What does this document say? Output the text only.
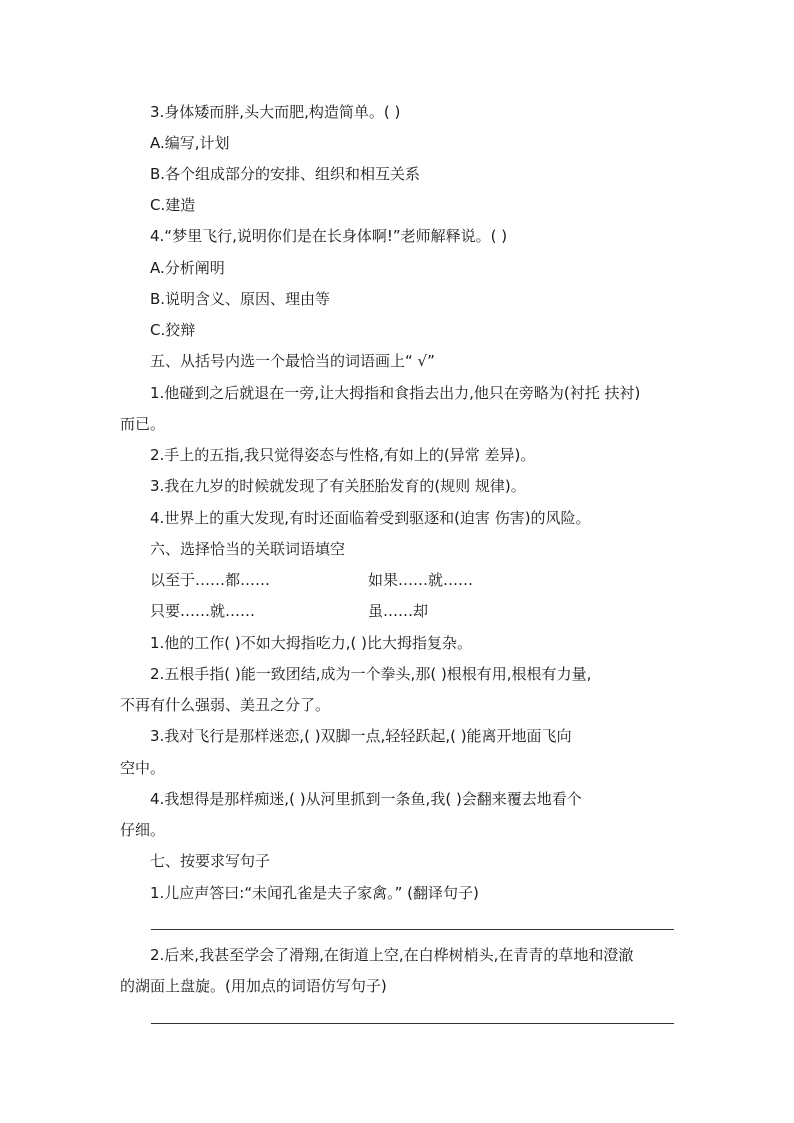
3.身体矮而胖,头大而肥,构造简单。( )
A.编写,计划
B.各个组成部分的安排、组织和相互关系
C.建造
4.“梦里飞行,说明你们是在长身体啊!”老师解释说。( )
A.分析阐明
B.说明含义、原因、理由等
C.狡辩
五、从括号内选一个最恰当的词语画上“ √”
1.他碰到之后就退在一旁,让大拇指和食指去出力,他只在旁略为(衬托 扶衬)
而已。
2.手上的五指,我只觉得姿态与性格,有如上的(异常 差异)。
3.我在九岁的时候就发现了有关胚胎发育的(规则 规律)。
4.世界上的重大发现,有时还面临着受到驱逐和(迫害 伤害)的风险。
六、选择恰当的关联词语填空
以至于……都……	如果……就……
只要……就……	虽……却
1.他的工作( )不如大拇指吃力,( )比大拇指复杂。
2.五根手指( )能一致团结,成为一个拳头,那( )根根有用,根根有力量,
不再有什么强弱、美丑之分了。
3.我对飞行是那样迷恋,( )双脚一点,轻轻跃起,( )能离开地面飞向
空中。
4.我想得是那样痴迷,( )从河里抓到一条鱼,我( )会翻来覆去地看个
仔细。
七、按要求写句子
1.儿应声答曰:“未闻孔雀是夫子家禽。” (翻译句子)
2.后来,我甚至学会了滑翔,在街道上空,在白桦树梢头,在青青的草地和澄澈
的湖面上盘旋。(用加点的词语仿写句子)
